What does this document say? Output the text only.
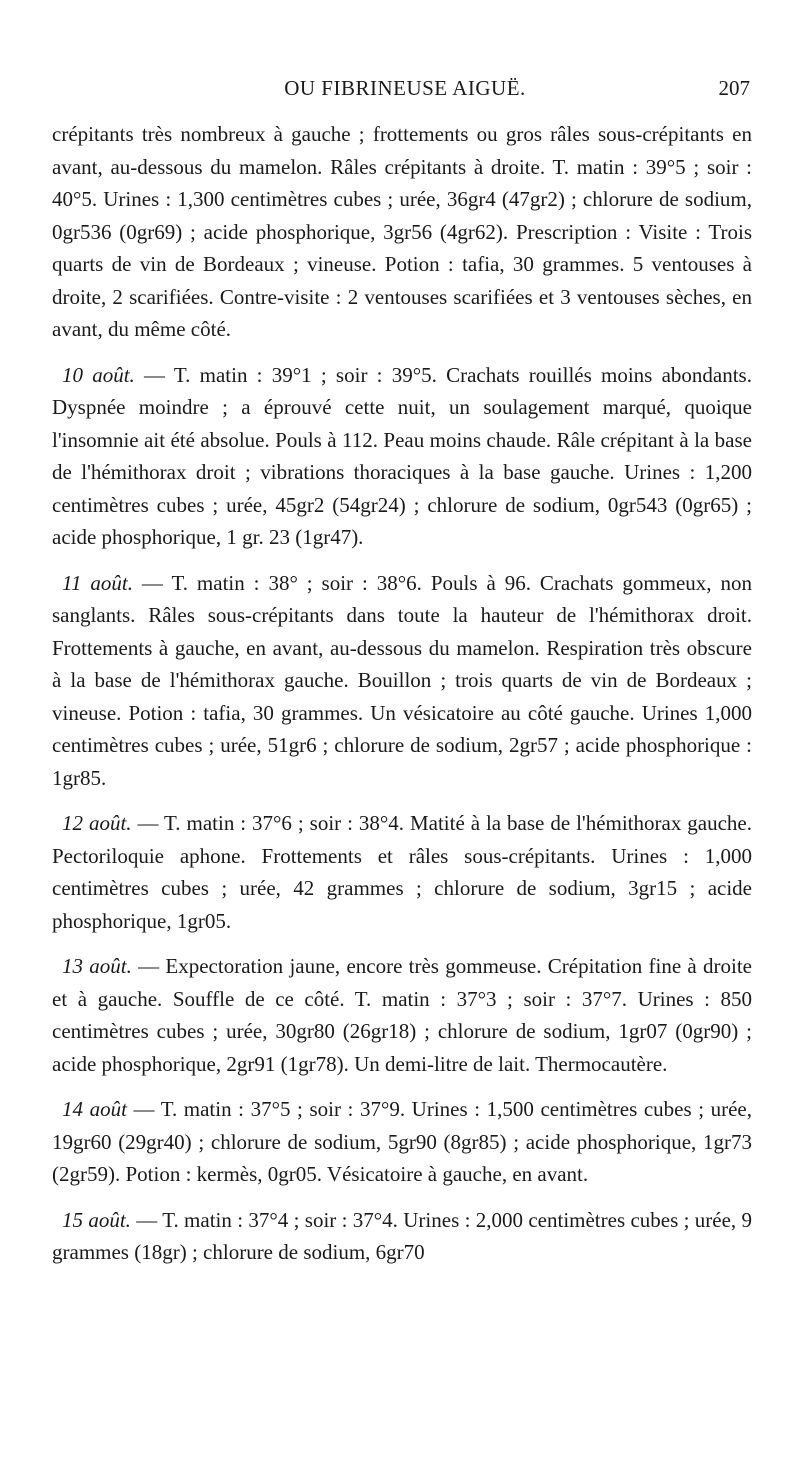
OU FIBRINEUSE AIGUË.	207

crépitants très nombreux à gauche ; frottements ou gros râles sous-crépitants en avant, au-dessous du mamelon. Râles crépitants à droite. T. matin : 39°5 ; soir : 40°5. Urines : 1,300 centimètres cubes ; urée, 36gr4 (47gr2) ; chlorure de sodium, 0gr536 (0gr69) ; acide phosphorique, 3gr56 (4gr62). Prescription : Visite : Trois quarts de vin de Bordeaux ; vineuse. Potion : tafia, 30 grammes. 5 ventouses à droite, 2 scarifiées. Contre-visite : 2 ventouses scarifiées et 3 ventouses sèches, en avant, du même côté.

10 août. — T. matin : 39°1 ; soir : 39°5. Crachats rouillés moins abondants. Dyspnée moindre ; a éprouvé cette nuit, un soulagement marqué, quoique l'insomnie ait été absolue. Pouls à 112. Peau moins chaude. Râle crépitant à la base de l'hémithorax droit ; vibrations thoraciques à la base gauche. Urines : 1,200 centimètres cubes ; urée, 45gr2 (54gr24) ; chlorure de sodium, 0gr543 (0gr65) ; acide phosphorique, 1 gr. 23 (1gr47).

11 août. — T. matin : 38° ; soir : 38°6. Pouls à 96. Crachats gommeux, non sanglants. Râles sous-crépitants dans toute la hauteur de l'hémithorax droit. Frottements à gauche, en avant, au-dessous du mamelon. Respiration très obscure à la base de l'hémithorax gauche. Bouillon ; trois quarts de vin de Bordeaux ; vineuse. Potion : tafia, 30 grammes. Un vésicatoire au côté gauche. Urines 1,000 centimètres cubes ; urée, 51gr6 ; chlorure de sodium, 2gr57 ; acide phosphorique : 1gr85.

12 août. — T. matin : 37°6 ; soir : 38°4. Matité à la base de l'hémithorax gauche. Pectoriloquie aphone. Frottements et râles sous-crépitants. Urines : 1,000 centimètres cubes ; urée, 42 grammes ; chlorure de sodium, 3gr15 ; acide phosphorique, 1gr05.

13 août. — Expectoration jaune, encore très gommeuse. Crépitation fine à droite et à gauche. Souffle de ce côté. T. matin : 37°3 ; soir : 37°7. Urines : 850 centimètres cubes ; urée, 30gr80 (26gr18) ; chlorure de sodium, 1gr07 (0gr90) ; acide phosphorique, 2gr91 (1gr78). Un demi-litre de lait. Thermocautère.

14 août — T. matin : 37°5 ; soir : 37°9. Urines : 1,500 centimètres cubes ; urée, 19gr60 (29gr40) ; chlorure de sodium, 5gr90 (8gr85) ; acide phosphorique, 1gr73 (2gr59). Potion : kermès, 0gr05. Vésicatoire à gauche, en avant.

15 août. — T. matin : 37°4 ; soir : 37°4. Urines : 2,000 centimètres cubes ; urée, 9 grammes (18gr) ; chlorure de sodium, 6gr70
